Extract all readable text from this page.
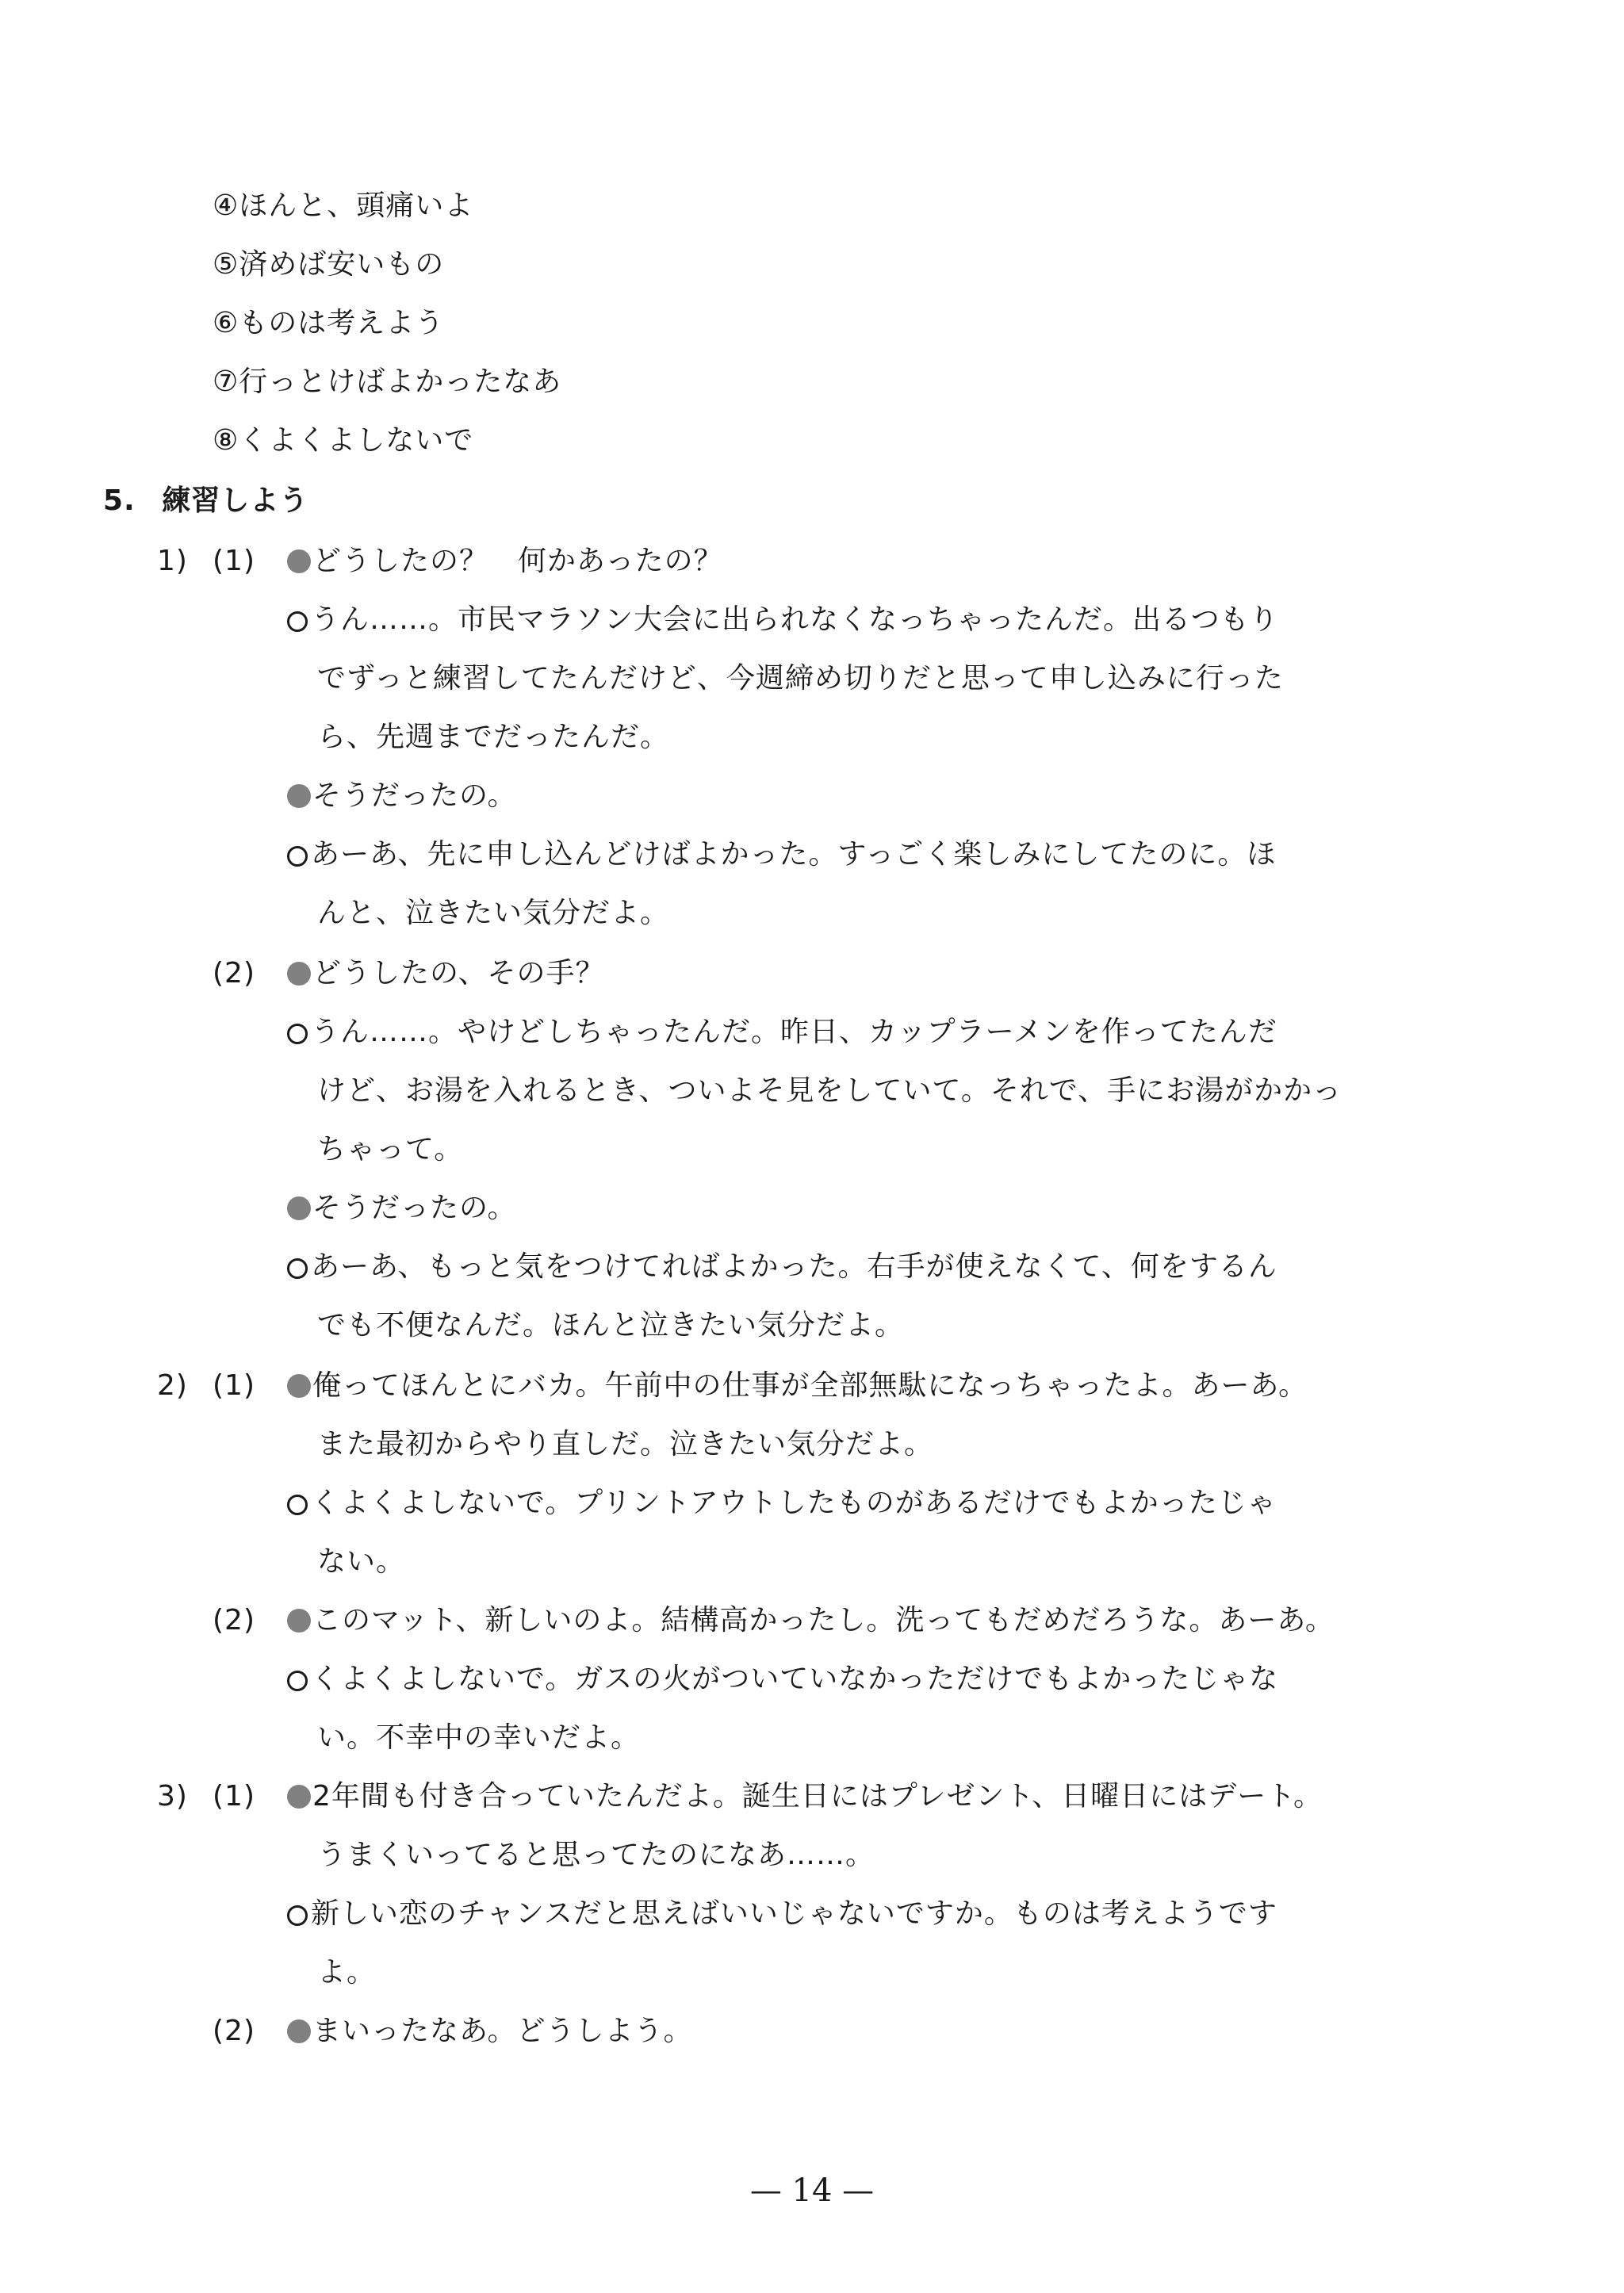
④ほんと、頭痛いよ
⑤済めば安いもの
⑥ものは考えよう
⑦行っとけばよかったなあ
⑧くよくよしないで
5. 練習しよう
1) (1)	どうしたの？　何かあったの？
うん……。市民マラソン大会に出られなくなっちゃったんだ。出るつもり
でずっと練習してたんだけど、今週締め切りだと思って申し込みに行った
ら、先週までだったんだ。
そうだったの。
あーあ、先に申し込んどけばよかった。すっごく楽しみにしてたのに。ほ
んと、泣きたい気分だよ。
(2)	どうしたの、その手？
うん……。やけどしちゃったんだ。昨日、カップラーメンを作ってたんだ
けど、お湯を入れるとき、ついよそ見をしていて。それで、手にお湯がかかっ
ちゃって。
そうだったの。
あーあ、もっと気をつけてればよかった。右手が使えなくて、何をするん
でも不便なんだ。ほんと泣きたい気分だよ。
2) (1)	俺ってほんとにバカ。午前中の仕事が全部無駄になっちゃったよ。あーあ。
また最初からやり直しだ。泣きたい気分だよ。
くよくよしないで。プリントアウトしたものがあるだけでもよかったじゃ
ない。
(2)	このマット、新しいのよ。結構高かったし。洗ってもだめだろうな。あーあ。
くよくよしないで。ガスの火がついていなかっただけでもよかったじゃな
い。不幸中の幸いだよ。
3) (1)	2年間も付き合っていたんだよ。誕生日にはプレゼント、日曜日にはデート。
うまくいってると思ってたのになあ……。
新しい恋のチャンスだと思えばいいじゃないですか。ものは考えようです
よ。
(2)	まいったなあ。どうしよう。
— 14 —
